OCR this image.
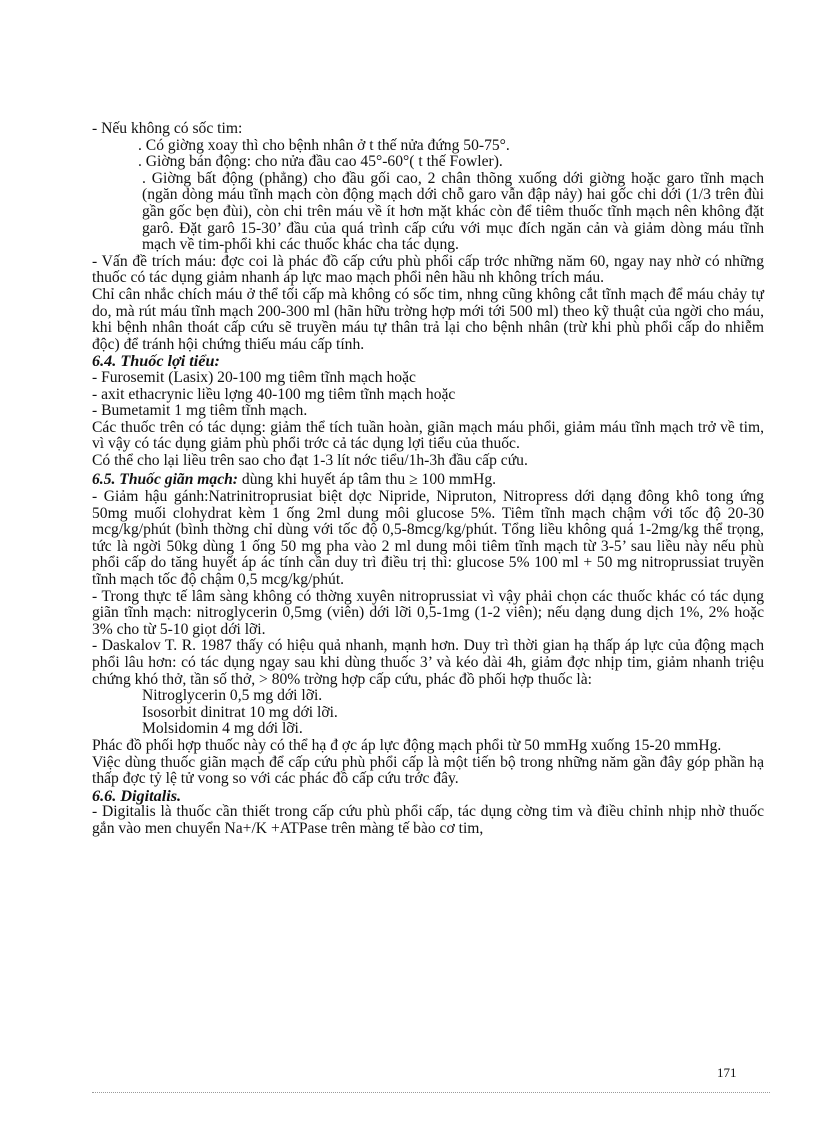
- Nếu không có sốc tim:

. Có giờng xoay thì cho bệnh nhân ở t thế nửa đứng 50-75°.

. Giờng bán động: cho nửa đầu cao 45°-60°( t thế Fowler).

. Giờng bất động (phẳng) cho đầu gối cao, 2 chân thõng xuống dới giờng hoặc garo tĩnh mạch (ngăn dòng máu tĩnh mạch còn động mạch dới chỗ garo vẫn đập nảy) hai gốc chi dới (1/3 trên đùi gần gốc bẹn đùi), còn chi trên máu về ít hơn mặt khác còn để tiêm thuốc tĩnh mạch nên không đặt garô. Đặt garô 15-30’ đầu của quá trình cấp cứu với mục đích ngăn cản và giảm dòng máu tĩnh mạch về tim-phổi khi các thuốc khác cha tác dụng.

- Vấn đề trích máu: đợc coi là phác đồ cấp cứu phù phổi cấp trớc những năm 60, ngay nay nhờ có những thuốc có tác dụng giảm nhanh áp lực mao mạch phổi nên hầu nh không trích máu.

Chỉ cân nhắc chích máu ở thể tối cấp mà không có sốc tim, nhng cũng không cắt tĩnh mạch để máu chảy tự do, mà rút máu tĩnh mạch 200-300 ml (hãn hữu trờng hợp mới tới 500 ml) theo kỹ thuật của ngời cho máu, khi bệnh nhân thoát cấp cứu sẽ truyền máu tự thân trả lại cho bệnh nhân (trừ khi phù phổi cấp do nhiễm độc) để tránh hội chứng thiếu máu cấp tính.

6.4. Thuốc lợi tiểu:

- Furosemit (Lasix) 20-100 mg tiêm tĩnh mạch hoặc

- axit ethacrynic liều lợng 40-100 mg tiêm tĩnh mạch hoặc

- Bumetamit 1 mg tiêm tĩnh mạch.

Các thuốc trên có tác dụng: giảm thể tích tuần hoàn, giãn mạch máu phổi, giảm máu tĩnh mạch trở về tim, vì vậy có tác dụng giảm phù phổi trớc cả tác dụng lợi tiểu của thuốc.

Có thể cho lại liều trên sao cho đạt 1-3 lít nớc tiểu/1h-3h đầu cấp cứu.

6.5. Thuốc giãn mạch: dùng khi huyết áp tâm thu ≥ 100 mmHg.

- Giảm hậu gánh:Natrinitroprusiat biệt dợc Nipride, Nipruton, Nitropress dới dạng đông khô tong ứng 50mg muối clohydrat kèm 1 ống 2ml dung môi glucose 5%. Tiêm tĩnh mạch chậm với tốc độ 20-30 mcg/kg/phút (bình thờng chỉ dùng với tốc độ 0,5-8mcg/kg/phút. Tổng liều không quá 1-2mg/kg thể trọng, tức là ngời 50kg dùng 1 ống 50 mg pha vào 2 ml dung môi tiêm tĩnh mạch từ 3-5’ sau liều này nếu phù phổi cấp do tăng huyết áp ác tính cần duy trì điều trị thì: glucose 5% 100 ml + 50 mg nitroprussiat truyền tĩnh mạch tốc độ chậm 0,5 mcg/kg/phút.

- Trong thực tế lâm sàng không có thờng xuyên nitroprussiat vì vậy phải chọn các thuốc khác có tác dụng giãn tĩnh mạch: nitroglycerin 0,5mg (viên) dới lỡi 0,5-1mg (1-2 viên); nếu dạng dung dịch 1%, 2% hoặc 3% cho từ 5-10 giọt dới lỡi.

- Daskalov T. R. 1987 thấy có hiệu quả nhanh, mạnh hơn. Duy trì thời gian hạ thấp áp lực của động mạch phổi lâu hơn: có tác dụng ngay sau khi dùng thuốc 3’ và kéo dài 4h, giảm đợc nhịp tim, giảm nhanh triệu chứng khó thở, tần số thở, > 80% trờng hợp cấp cứu, phác đồ phối hợp thuốc là:

Nitroglycerin 0,5 mg dới lỡi.

Isosorbit dinitrat 10 mg dới lỡi.

Molsidomin 4 mg dới lỡi.

Phác đồ phối hợp thuốc này có thể hạ đ ợc áp lực động mạch phổi từ 50 mmHg xuống 15-20 mmHg.

Việc dùng thuốc giãn mạch để cấp cứu phù phổi cấp là một tiến bộ trong những năm gần đây góp phần hạ thấp đợc tỷ lệ tử vong so với các phác đồ cấp cứu trớc đây.

6.6. Digitalis.

- Digitalis là thuốc cần thiết trong cấp cứu phù phổi cấp, tác dụng cờng tim và điều chỉnh nhịp nhờ thuốc gắn vào men chuyển Na+/K +ATPase trên màng tế bào cơ tim,

171
